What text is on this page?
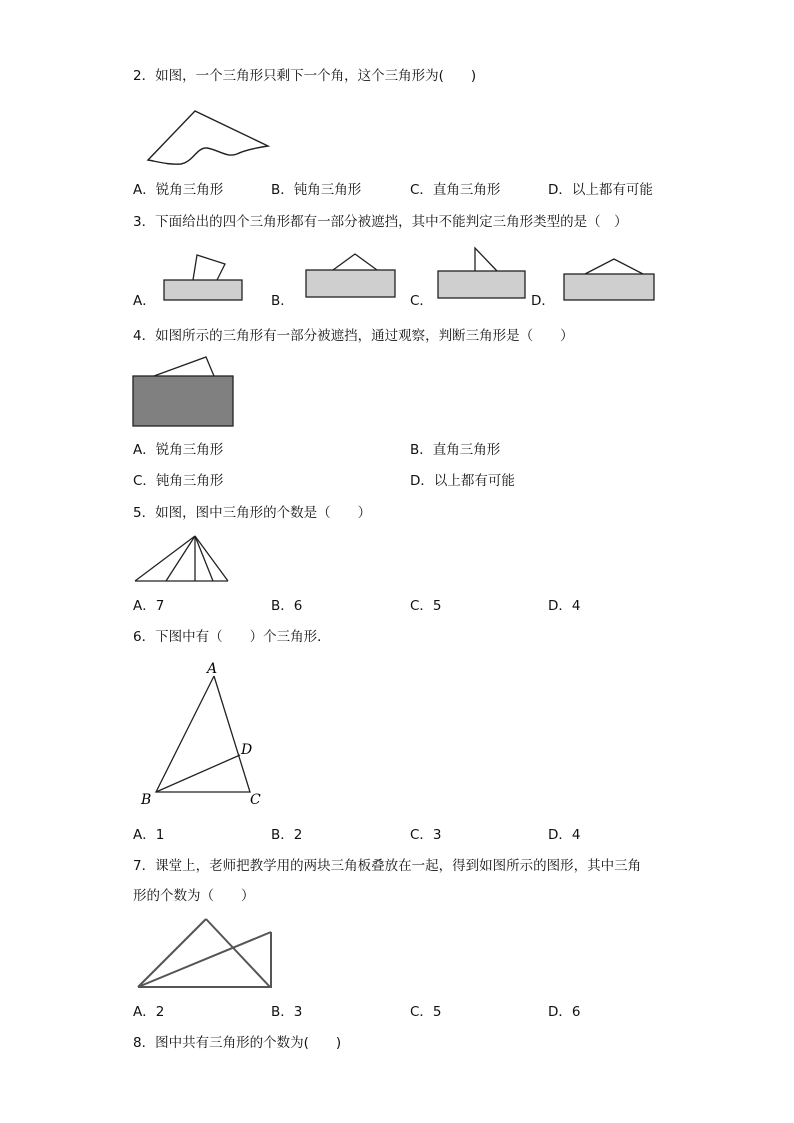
2．如图，一个三角形只剩下一个角，这个三角形为(　　)
A．锐角三角形	B．钝角三角形	C．直角三角形	D．以上都有可能
3．下面给出的四个三角形都有一部分被遮挡，其中不能判定三角形类型的是（　）
A．	B．	C．	D．
4．如图所示的三角形有一部分被遮挡，通过观察，判断三角形是（　　）
A．锐角三角形	B．直角三角形
C．钝角三角形	D．以上都有可能
5．如图，图中三角形的个数是（　　）
A．7	B．6	C．5	D．4
6．下图中有（　　）个三角形．
A
B	C
D
A．1	B．2	C．3	D．4
7．课堂上，老师把教学用的两块三角板叠放在一起，得到如图所示的图形，其中三角
形的个数为（　　）
A．2	B．3	C．5	D．6
8．图中共有三角形的个数为(　　)
